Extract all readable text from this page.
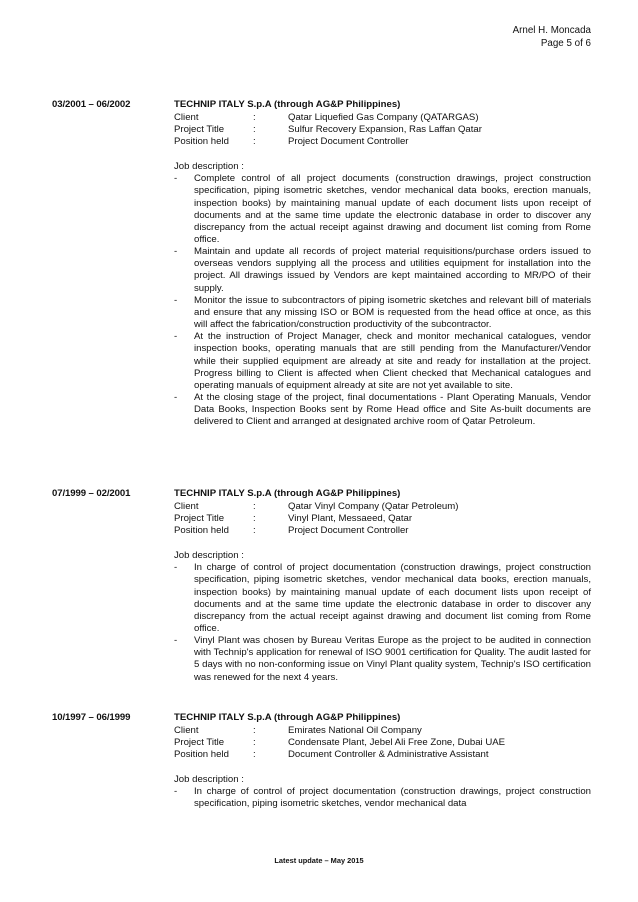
Arnel H. Moncada
Page 5 of 6
03/2001 – 06/2002	TECHNIP ITALY S.p.A (through AG&P Philippines)
Client	:	Qatar Liquefied Gas Company (QATARGAS)
Project Title	:	Sulfur Recovery Expansion, Ras Laffan Qatar
Position held	:	Project Document Controller
Job description :
-	Complete control of all project documents (construction drawings, project construction specification, piping isometric sketches, vendor mechanical data books, erection manuals, inspection books) by maintaining manual update of each document lists upon receipt of documents and at the same time update the electronic database in order to discover any discrepancy from the actual receipt against drawing and document list coming from Rome office.
-	Maintain and update all records of project material requisitions/purchase orders issued to overseas vendors supplying all the process and utilities equipment for installation into the project. All drawings issued by Vendors are kept maintained according to MR/PO of their supply.
-	Monitor the issue to subcontractors of piping isometric sketches and relevant bill of materials and ensure that any missing ISO or BOM is requested from the head office at once, as this will affect the fabrication/construction productivity of the subcontractor.
-	At the instruction of Project Manager, check and monitor mechanical catalogues, vendor inspection books, operating manuals that are still pending from the Manufacturer/Vendor while their supplied equipment are already at site and ready for installation at the project. Progress billing to Client is affected when Client checked that Mechanical catalogues and operating manuals of equipment already at site are not yet available to site.
-	At the closing stage of the project, final documentations - Plant Operating Manuals, Vendor Data Books, Inspection Books sent by Rome Head office and Site As-built documents are delivered to Client and arranged at designated archive room of Qatar Petroleum.
07/1999 – 02/2001	TECHNIP ITALY S.p.A (through AG&P Philippines)
Client	:	Qatar Vinyl Company (Qatar Petroleum)
Project Title	:	Vinyl Plant, Messaeed, Qatar
Position held	:	Project Document Controller
Job description :
-	In charge of control of project documentation (construction drawings, project construction specification, piping isometric sketches, vendor mechanical data books, erection manuals, inspection books) by maintaining manual update of each document lists upon receipt of documents and at the same time update the electronic database in order to discover any discrepancy from the actual receipt against drawing and document list coming from Rome office.
-	Vinyl Plant was chosen by Bureau Veritas Europe as the project to be audited in connection with Technip's application for renewal of ISO 9001 certification for Quality. The audit lasted for 5 days with no non-conforming issue on Vinyl Plant quality system, Technip's ISO certification was renewed for the next 4 years.
10/1997 – 06/1999	TECHNIP ITALY S.p.A (through AG&P Philippines)
Client	:	Emirates National Oil Company
Project Title	:	Condensate Plant, Jebel Ali Free Zone, Dubai UAE
Position held	:	Document Controller & Administrative Assistant
Job description :
-	In charge of control of project documentation (construction drawings, project construction specification, piping isometric sketches, vendor mechanical data
Latest update – May 2015
